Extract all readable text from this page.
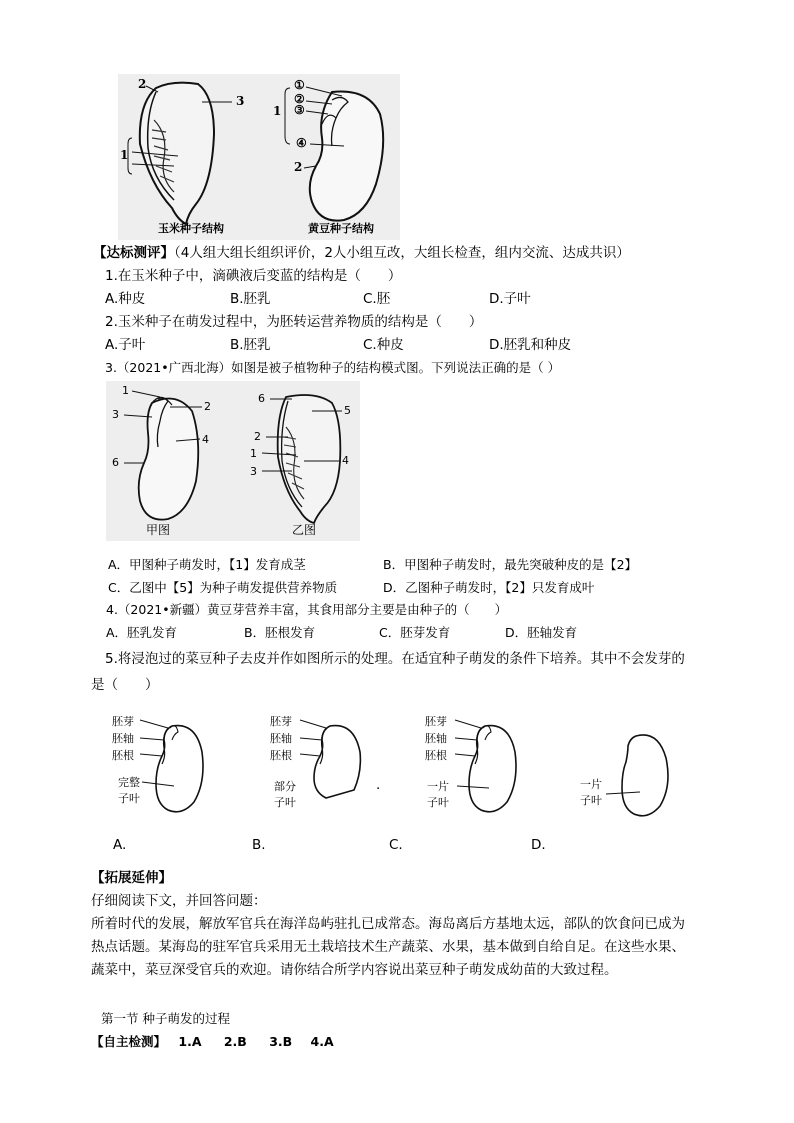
2
3
1
玉米种子结构
①
②
③
④
1
2
黄豆种子结构
【达标测评】（4人组大组长组织评价，2人小组互改，大组长检查，组内交流、达成共识）
1.在玉米种子中，滴碘液后变蓝的结构是（　　）
A.种皮	B.胚乳	C.胚	D.子叶
2.玉米种子在萌发过程中，为胚转运营养物质的结构是（　　）
A.子叶	B.胚乳	C.种皮	D.胚乳和种皮
3.（2021•广西北海）如图是被子植物种子的结构模式图。下列说法正确的是（ ）
1
2
3
4
6
甲图
6
5
2
1
4
3
乙图
A．甲图种子萌发时，【1】发育成茎	B．甲图种子萌发时，最先突破种皮的是【2】
C．乙图中【5】为种子萌发提供营养物质	D．乙图种子萌发时，【2】只发育成叶
4.（2021•新疆）黄豆芽营养丰富，其食用部分主要是由种子的（　　）
A．胚乳发育	B．胚根发育	C．胚芽发育	D．胚轴发育
5.将浸泡过的菜豆种子去皮并作如图所示的处理。在适宜种子萌发的条件下培养。其中不会发芽的
是（　　）
胚芽
胚轴
胚根
完整
子叶
胚芽
胚轴
胚根
部分
子叶
·
胚芽
胚轴
胚根
一片
子叶
一片
子叶
A.	B.	C.	D.
【拓展延伸】
仔细阅读下文，并回答问题：
所着时代的发展，解放军官兵在海洋岛屿驻扎已成常态。海岛离后方基地太远，部队的饮食问已成为
热点话题。某海岛的驻军官兵采用无土栽培技术生产蔬菜、水果，基本做到自给自足。在这些水果、
蔬菜中，菜豆深受官兵的欢迎。请你结合所学内容说出菜豆种子萌发成幼苗的大致过程。
第一节 种子萌发的过程
【自主检测】 1.A 2.B 3.B 4.A
